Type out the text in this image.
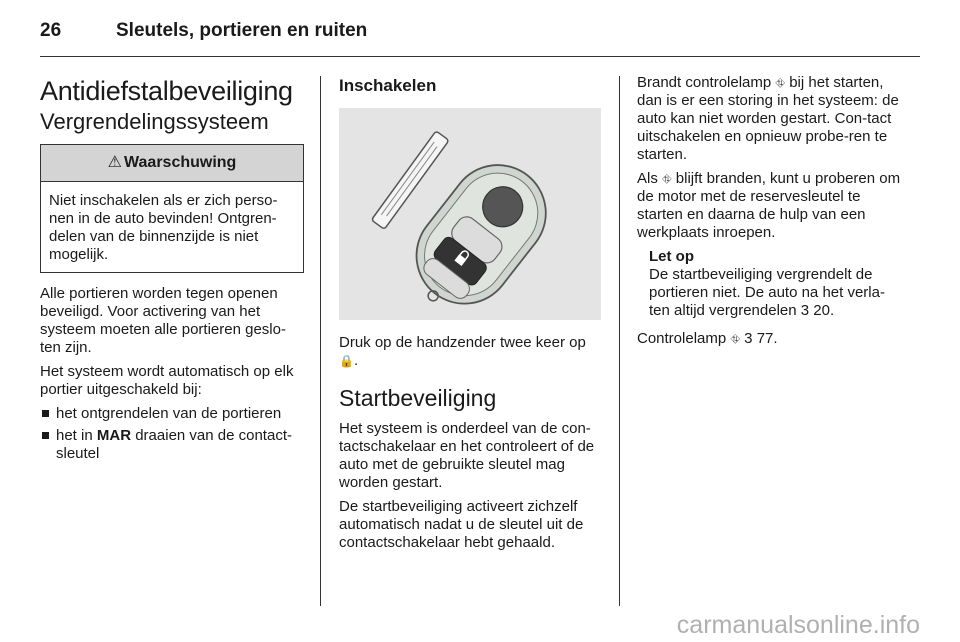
26	Sleutels, portieren en ruiten
Antidiefstalbeveiliging
Vergrendelingssysteem
⚠ Waarschuwing
Niet inschakelen als er zich perso-nen in de auto bevinden! Ontgren-delen van de binnenzijde is niet mogelijk.

Alle portieren worden tegen openen beveiligd. Voor activering van het systeem moeten alle portieren geslo-ten zijn.

Het systeem wordt automatisch op elk portier uitgeschakeld bij:

het ontgrendelen van de portieren
het in MAR draaien van de contact-sleutel
Inschakelen

Druk op de handzender twee keer op
🔒.

Startbeveiliging

Het systeem is onderdeel van de con-tactschakelaar en het controleert of de auto met de gebruikte sleutel mag worden gestart.

De startbeveiliging activeert zichzelf automatisch nadat u de sleutel uit de contactschakelaar hebt gehaald.

Brandt controlelamp ⛗ bij het starten, dan is er een storing in het systeem: de auto kan niet worden gestart. Con-tact uitschakelen en opnieuw probe-ren te starten.

Als ⛗ blijft branden, kunt u proberen om de motor met de reservesleutel te starten en daarna de hulp van een werkplaats inroepen.

Let op
De startbeveiliging vergrendelt de portieren niet. De auto na het verla-ten altijd vergrendelen 3 20.

Controlelamp ⛗ 3 77.

carmanualsonline.info
